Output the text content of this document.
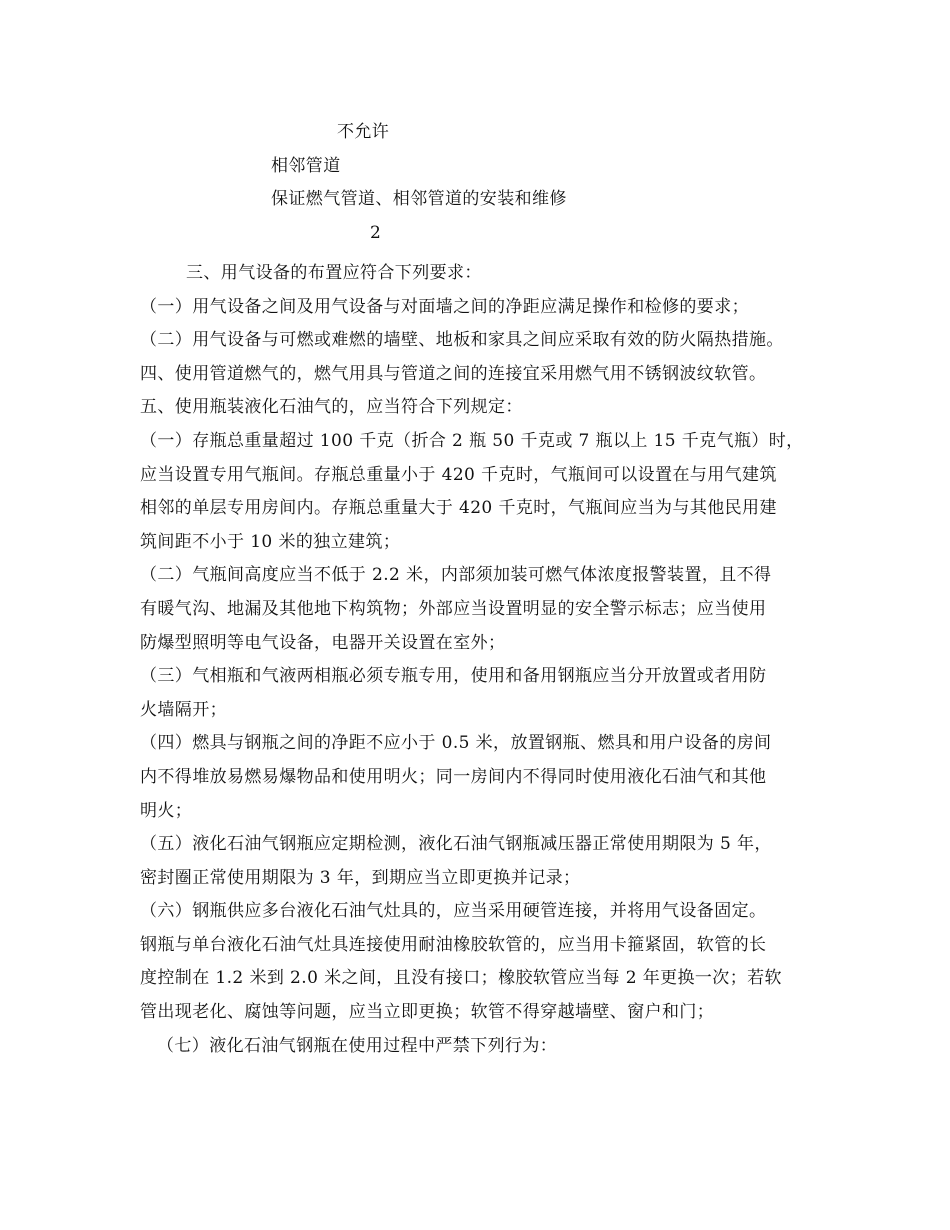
不允许
相邻管道
保证燃气管道、相邻管道的安装和维修
2

三、用气设备的布置应符合下列要求：

（一）用气设备之间及用气设备与对面墙之间的净距应满足操作和检修的要求；

（二）用气设备与可燃或难燃的墙壁、地板和家具之间应采取有效的防火隔热措施。

四、使用管道燃气的，燃气用具与管道之间的连接宜采用燃气用不锈钢波纹软管。

五、使用瓶装液化石油气的，应当符合下列规定：

（一）存瓶总重量超过 100 千克（折合 2 瓶 50 千克或 7 瓶以上 15 千克气瓶）时，

应当设置专用气瓶间。存瓶总重量小于 420 千克时，气瓶间可以设置在与用气建筑

相邻的单层专用房间内。存瓶总重量大于 420 千克时，气瓶间应当为与其他民用建

筑间距不小于 10 米的独立建筑；

（二）气瓶间高度应当不低于 2.2 米，内部须加装可燃气体浓度报警装置，且不得

有暖气沟、地漏及其他地下构筑物；外部应当设置明显的安全警示标志；应当使用

防爆型照明等电气设备，电器开关设置在室外；

（三）气相瓶和气液两相瓶必须专瓶专用，使用和备用钢瓶应当分开放置或者用防

火墙隔开；

（四）燃具与钢瓶之间的净距不应小于 0.5 米，放置钢瓶、燃具和用户设备的房间

内不得堆放易燃易爆物品和使用明火；同一房间内不得同时使用液化石油气和其他

明火；

（五）液化石油气钢瓶应定期检测，液化石油气钢瓶减压器正常使用期限为 5 年，

密封圈正常使用期限为 3 年，到期应当立即更换并记录；

（六）钢瓶供应多台液化石油气灶具的，应当采用硬管连接，并将用气设备固定。

钢瓶与单台液化石油气灶具连接使用耐油橡胶软管的，应当用卡箍紧固，软管的长

度控制在 1.2 米到 2.0 米之间，且没有接口；橡胶软管应当每 2 年更换一次；若软

管出现老化、腐蚀等问题，应当立即更换；软管不得穿越墙壁、窗户和门；

（七）液化石油气钢瓶在使用过程中严禁下列行为：
